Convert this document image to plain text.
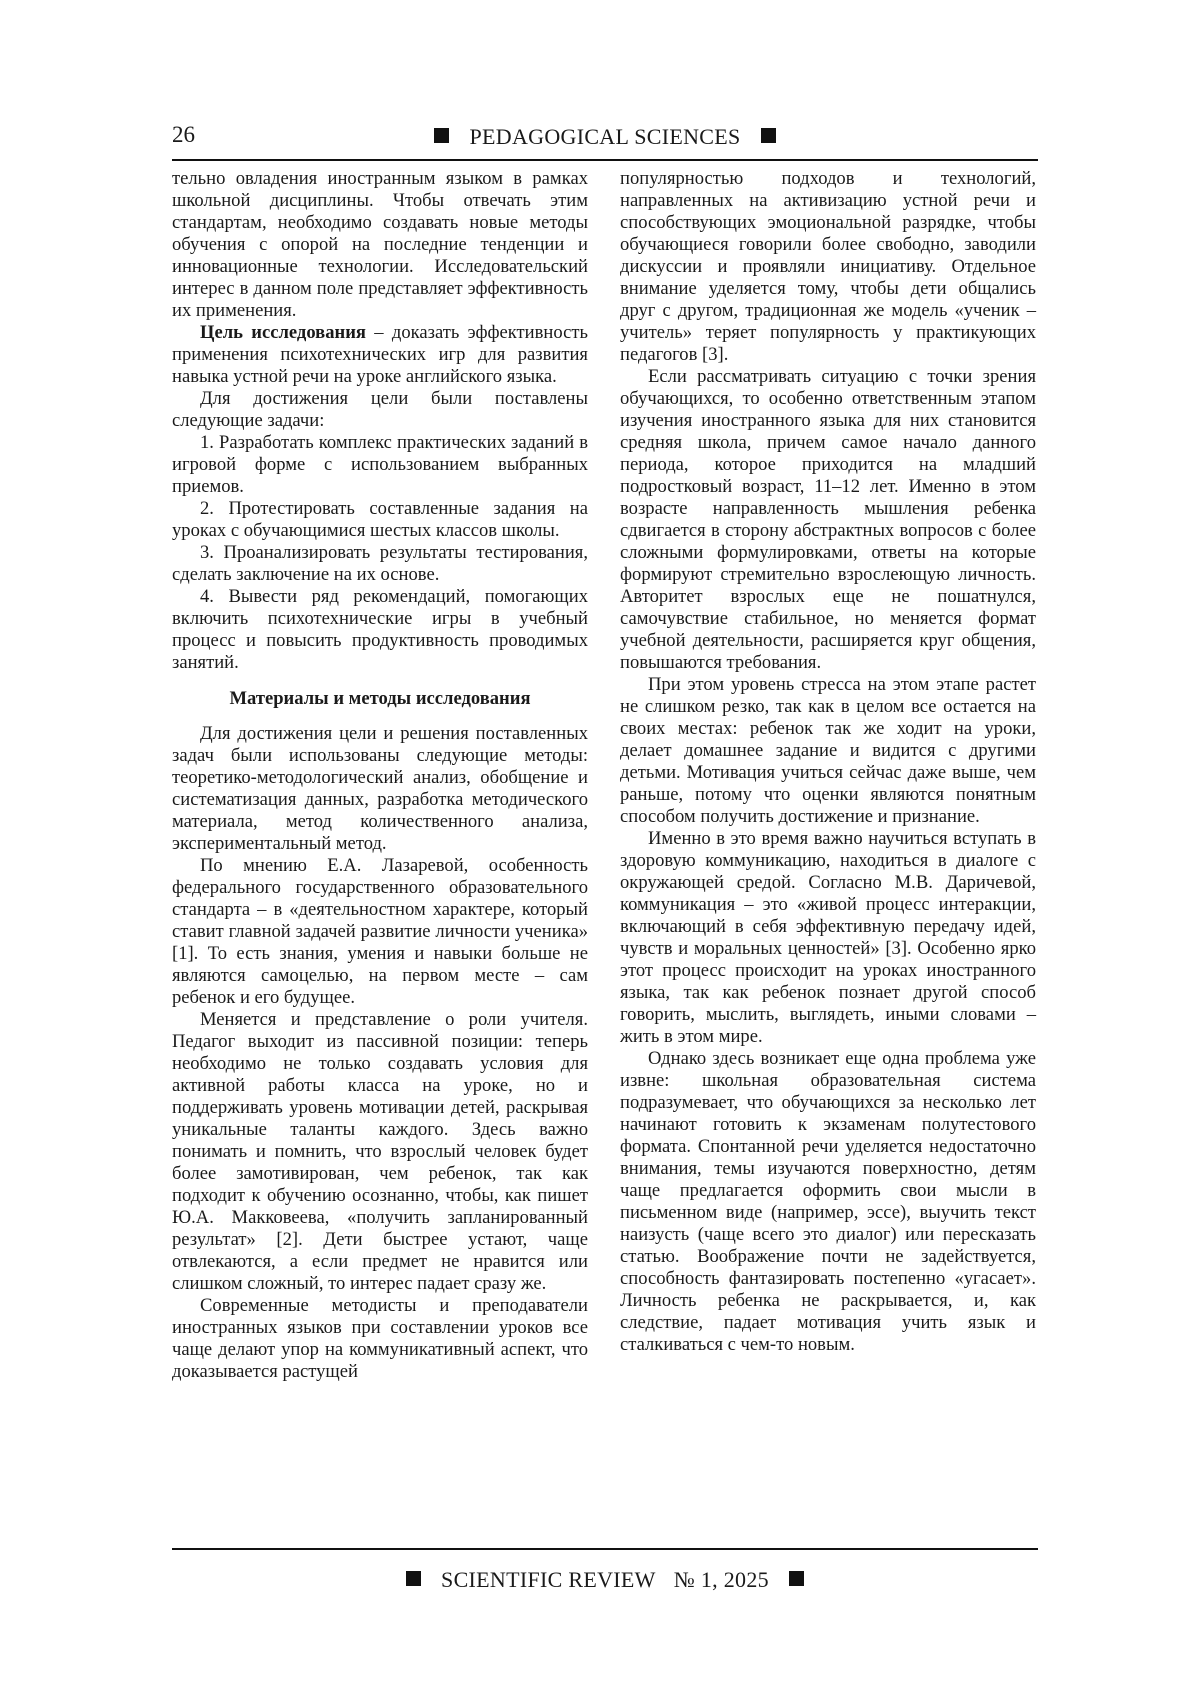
26	PEDAGOGICAL SCIENCES

тельно овладения иностранным языком в рамках школьной дисциплины. Чтобы отвечать этим стандартам, необходимо создавать новые методы обучения с опорой на последние тенденции и инновационные технологии. Исследовательский интерес в данном поле представляет эффективность их применения.

Цель исследования – доказать эффективность применения психотехнических игр для развития навыка устной речи на уроке английского языка.

Для достижения цели были поставлены следующие задачи:

1. Разработать комплекс практических заданий в игровой форме с использованием выбранных приемов.

2. Протестировать составленные задания на уроках с обучающимися шестых классов школы.

3. Проанализировать результаты тестирования, сделать заключение на их основе.

4. Вывести ряд рекомендаций, помогающих включить психотехнические игры в учебный процесс и повысить продуктивность проводимых занятий.

Материалы и методы исследования

Для достижения цели и решения поставленных задач были использованы следующие методы: теоретико-методологический анализ, обобщение и систематизация данных, разработка методического материала, метод количественного анализа, экспериментальный метод.

По мнению Е.А. Лазаревой, особенность федерального государственного образовательного стандарта – в «деятельностном характере, который ставит главной задачей развитие личности ученика» [1]. То есть знания, умения и навыки больше не являются самоцелью, на первом месте – сам ребенок и его будущее.

Меняется и представление о роли учителя. Педагог выходит из пассивной позиции: теперь необходимо не только создавать условия для активной работы класса на уроке, но и поддерживать уровень мотивации детей, раскрывая уникальные таланты каждого. Здесь важно понимать и помнить, что взрослый человек будет более замотивирован, чем ребенок, так как подходит к обучению осознанно, чтобы, как пишет Ю.А. Макковеева, «получить запланированный результат» [2]. Дети быстрее устают, чаще отвлекаются, а если предмет не нравится или слишком сложный, то интерес падает сразу же.

Современные методисты и преподаватели иностранных языков при составлении уроков все чаще делают упор на коммуникативный аспект, что доказывается растущей

популярностью подходов и технологий, направленных на активизацию устной речи и способствующих эмоциональной разрядке, чтобы обучающиеся говорили более свободно, заводили дискуссии и проявляли инициативу. Отдельное внимание уделяется тому, чтобы дети общались друг с другом, традиционная же модель «ученик – учитель» теряет популярность у практикующих педагогов [3].

Если рассматривать ситуацию с точки зрения обучающихся, то особенно ответственным этапом изучения иностранного языка для них становится средняя школа, причем самое начало данного периода, которое приходится на младший подростковый возраст, 11–12 лет. Именно в этом возрасте направленность мышления ребенка сдвигается в сторону абстрактных вопросов с более сложными формулировками, ответы на которые формируют стремительно взрослеющую личность. Авторитет взрослых еще не пошатнулся, самочувствие стабильное, но меняется формат учебной деятельности, расширяется круг общения, повышаются требования.

При этом уровень стресса на этом этапе растет не слишком резко, так как в целом все остается на своих местах: ребенок так же ходит на уроки, делает домашнее задание и видится с другими детьми. Мотивация учиться сейчас даже выше, чем раньше, потому что оценки являются понятным способом получить достижение и признание.

Именно в это время важно научиться вступать в здоровую коммуникацию, находиться в диалоге с окружающей средой. Согласно М.В. Даричевой, коммуникация – это «живой процесс интеракции, включающий в себя эффективную передачу идей, чувств и моральных ценностей» [3]. Особенно ярко этот процесс происходит на уроках иностранного языка, так как ребенок познает другой способ говорить, мыслить, выглядеть, иными словами – жить в этом мире.

Однако здесь возникает еще одна проблема уже извне: школьная образовательная система подразумевает, что обучающихся за несколько лет начинают готовить к экзаменам полутестового формата. Спонтанной речи уделяется недостаточно внимания, темы изучаются поверхностно, детям чаще предлагается оформить свои мысли в письменном виде (например, эссе), выучить текст наизусть (чаще всего это диалог) или пересказать статью. Воображение почти не задействуется, способность фантазировать постепенно «угасает». Личность ребенка не раскрывается, и, как следствие, падает мотивация учить язык и сталкиваться с чем-то новым.

SCIENTIFIC REVIEW № 1, 2025
